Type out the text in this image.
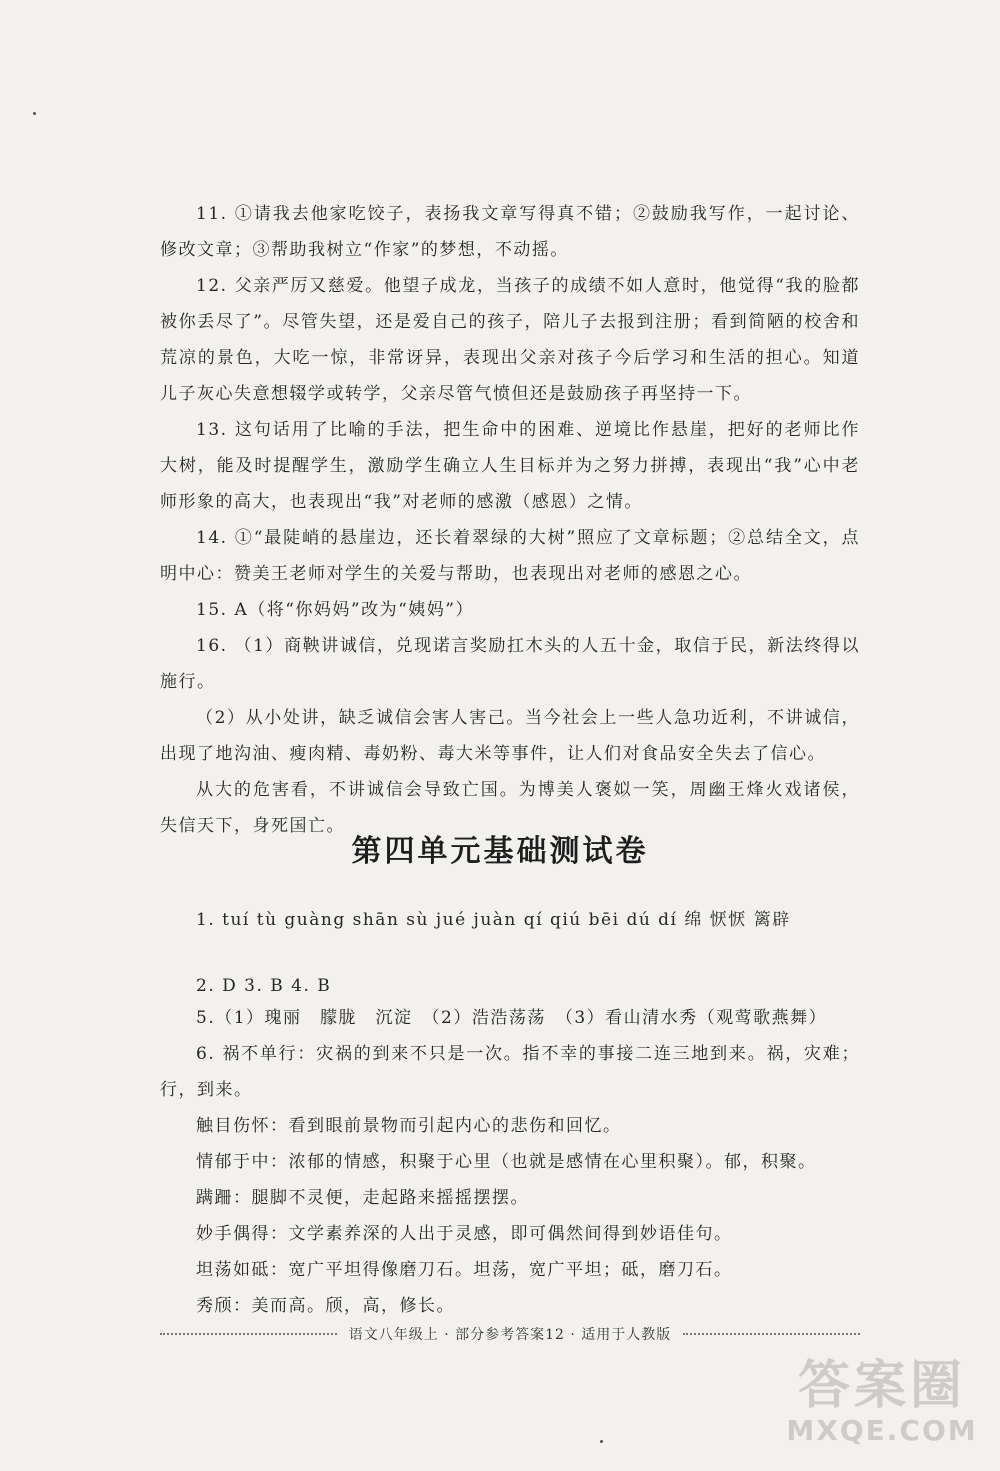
11. ①请我去他家吃饺子，表扬我文章写得真不错；②鼓励我写作，一起讨论、修改文章；③帮助我树立“作家”的梦想，不动摇。

12. 父亲严厉又慈爱。他望子成龙，当孩子的成绩不如人意时，他觉得“我的脸都被你丢尽了”。尽管失望，还是爱自己的孩子，陪儿子去报到注册；看到简陋的校舍和荒凉的景色，大吃一惊，非常讶异，表现出父亲对孩子今后学习和生活的担心。知道儿子灰心失意想辍学或转学，父亲尽管气愤但还是鼓励孩子再坚持一下。

13. 这句话用了比喻的手法，把生命中的困难、逆境比作悬崖，把好的老师比作大树，能及时提醒学生，激励学生确立人生目标并为之努力拼搏，表现出“我”心中老师形象的高大，也表现出“我”对老师的感激（感恩）之情。

14. ①“最陡峭的悬崖边，还长着翠绿的大树”照应了文章标题；②总结全文，点明中心：赞美王老师对学生的关爱与帮助，也表现出对老师的感恩之心。

15. A（将“你妈妈”改为“姨妈”）

16. （1）商鞅讲诚信，兑现诺言奖励扛木头的人五十金，取信于民，新法终得以施行。

（2）从小处讲，缺乏诚信会害人害己。当今社会上一些人急功近利，不讲诚信，出现了地沟油、瘦肉精、毒奶粉、毒大米等事件，让人们对食品安全失去了信心。

从大的危害看，不讲诚信会导致亡国。为博美人褒姒一笑，周幽王烽火戏诸侯，失信天下，身死国亡。

第四单元基础测试卷

1. tuí tù guàng shān sù jué juàn qí qiú bēi dú dí 绵 恹恹 篱辟

2. D 3. B 4. B

5.（1）瑰丽　朦胧　沉淀　（2）浩浩荡荡　（3）看山清水秀（观莺歌燕舞）

6. 祸不单行：灾祸的到来不只是一次。指不幸的事接二连三地到来。祸，灾难；行，到来。

触目伤怀：看到眼前景物而引起内心的悲伤和回忆。

情郁于中：浓郁的情感，积聚于心里（也就是感情在心里积聚）。郁，积聚。

蹒跚：腿脚不灵便，走起路来摇摇摆摆。

妙手偶得：文学素养深的人出于灵感，即可偶然间得到妙语佳句。

坦荡如砥：宽广平坦得像磨刀石。坦荡，宽广平坦；砥，磨刀石。

秀颀：美而高。颀，高，修长。

语文八年级上 · 部分参考答案12 · 适用于人教版
答案圈
MXQE.COM
